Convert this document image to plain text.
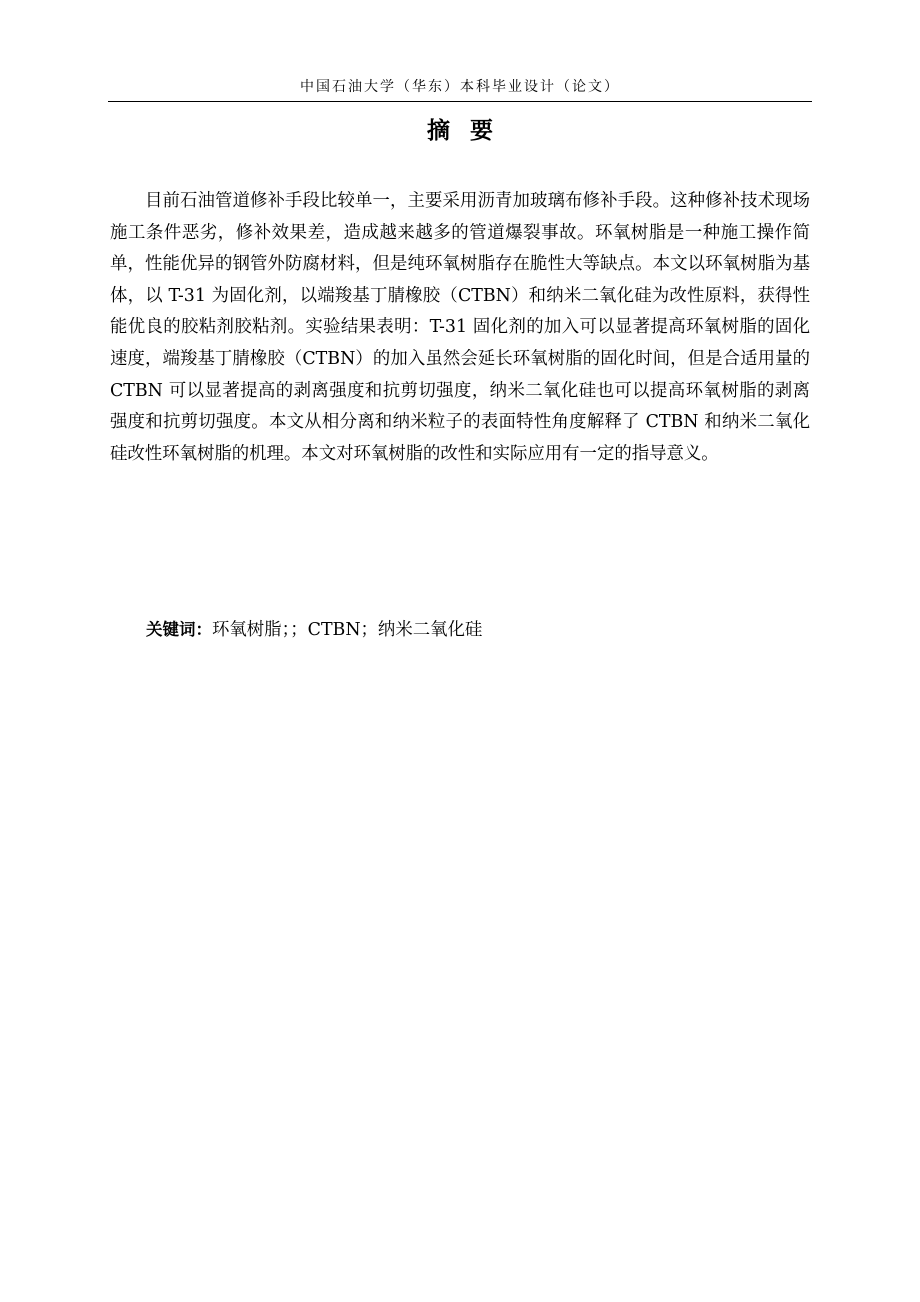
中国石油大学（华东）本科毕业设计（论文）
摘要

目前石油管道修补手段比较单一，主要采用沥青加玻璃布修补手段。这种修补技术现场施工条件恶劣，修补效果差，造成越来越多的管道爆裂事故。环氧树脂是一种施工操作简单，性能优异的钢管外防腐材料，但是纯环氧树脂存在脆性大等缺点。本文以环氧树脂为基体，以 T-31 为固化剂，以端羧基丁腈橡胶（CTBN）和纳米二氧化硅为改性原料，获得性能优良的胶粘剂胶粘剂。实验结果表明：T-31 固化剂的加入可以显著提高环氧树脂的固化速度，端羧基丁腈橡胶（CTBN）的加入虽然会延长环氧树脂的固化时间，但是合适用量的 CTBN 可以显著提高的剥离强度和抗剪切强度，纳米二氧化硅也可以提高环氧树脂的剥离强度和抗剪切强度。本文从相分离和纳米粒子的表面特性角度解释了 CTBN 和纳米二氧化硅改性环氧树脂的机理。本文对环氧树脂的改性和实际应用有一定的指导意义。

关键词：环氧树脂；；CTBN；纳米二氧化硅
